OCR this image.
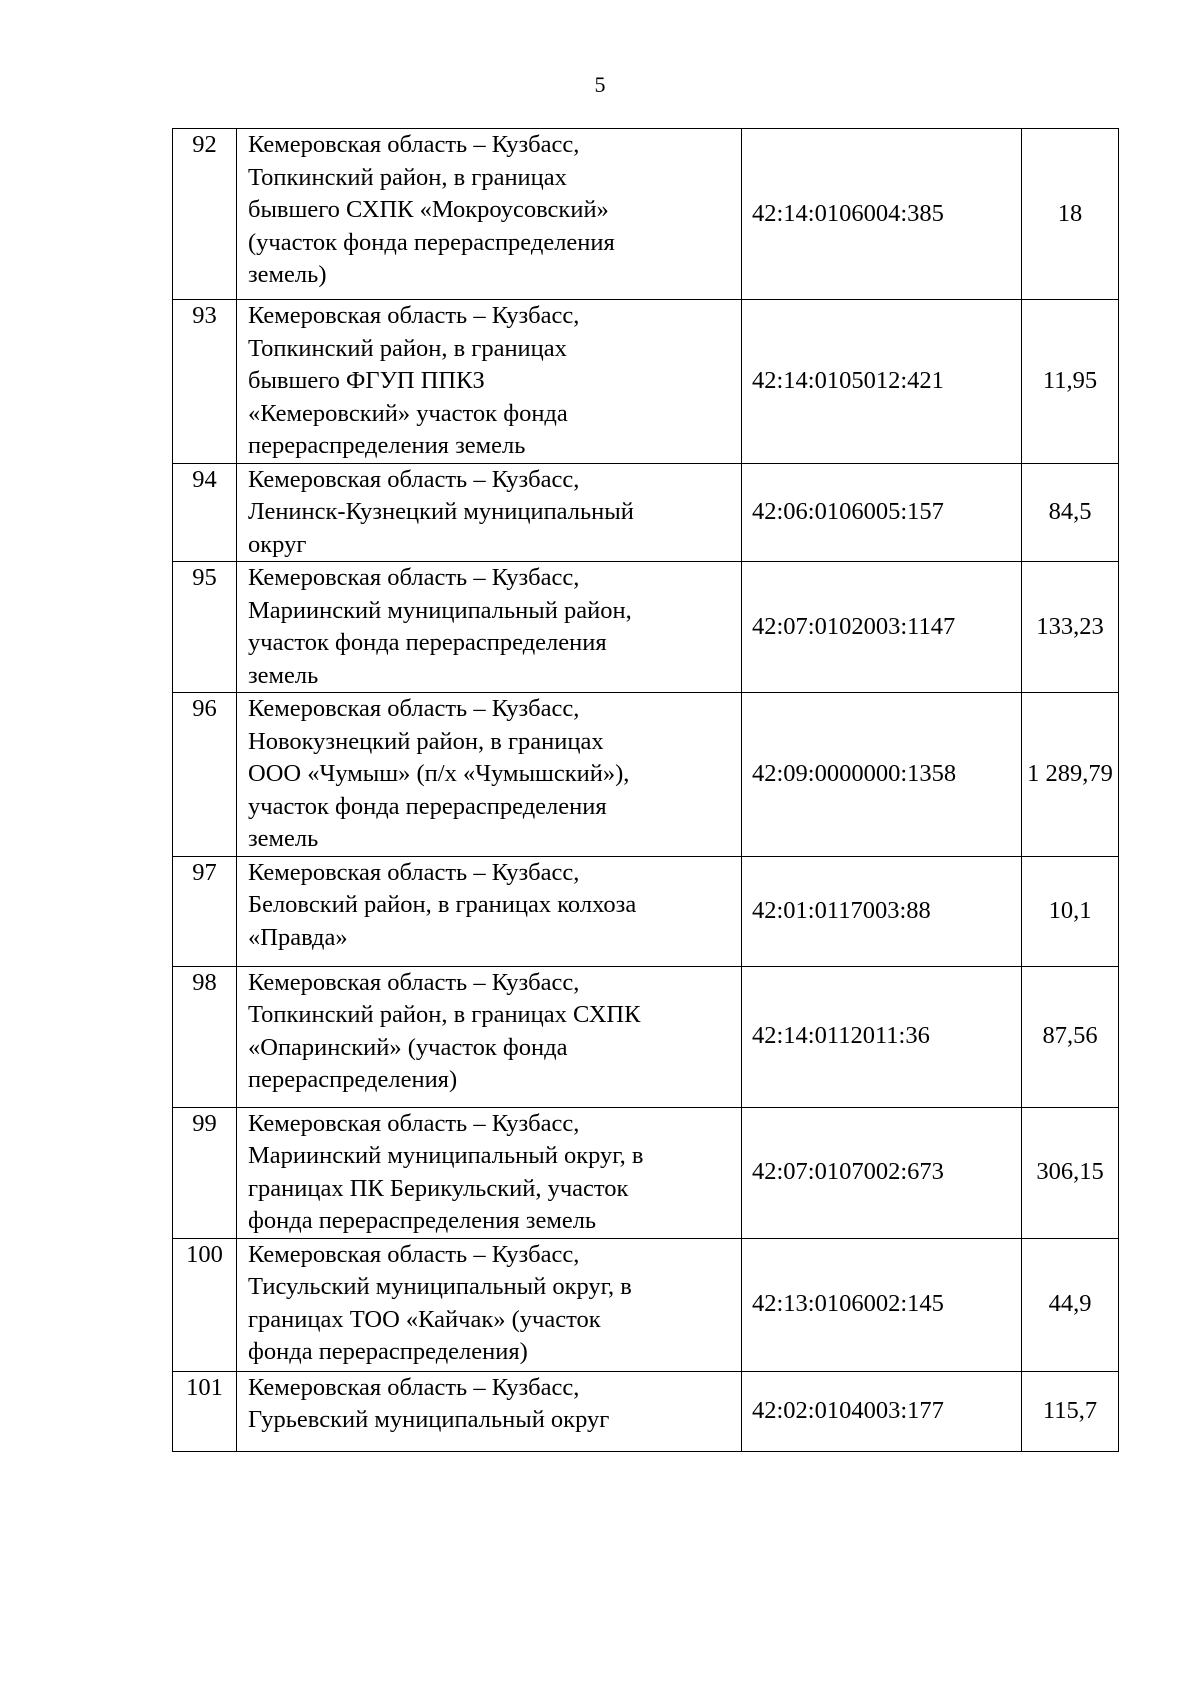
5
92	Кемеровская область – Кузбасс,
Топкинский район, в границах
бывшего СХПК «Мокроусовский»
(участок фонда перераспределения
земель)	42:14:0106004:385	18
93	Кемеровская область – Кузбасс,
Топкинский район, в границах
бывшего ФГУП ППКЗ
«Кемеровский» участок фонда
перераспределения земель	42:14:0105012:421	11,95
94	Кемеровская область – Кузбасс,
Ленинск-Кузнецкий муниципальный
округ	42:06:0106005:157	84,5
95	Кемеровская область – Кузбасс,
Мариинский муниципальный район,
участок фонда перераспределения
земель	42:07:0102003:1147	133,23
96	Кемеровская область – Кузбасс,
Новокузнецкий район, в границах
ООО «Чумыш» (п/х «Чумышский»),
участок фонда перераспределения
земель	42:09:0000000:1358	1 289,79
97	Кемеровская область – Кузбасс,
Беловский район, в границах колхоза
«Правда»	42:01:0117003:88	10,1
98	Кемеровская область – Кузбасс,
Топкинский район, в границах СХПК
«Опаринский» (участок фонда
перераспределения)	42:14:0112011:36	87,56
99	Кемеровская область – Кузбасс,
Мариинский муниципальный округ, в
границах ПК Берикульский, участок
фонда перераспределения земель	42:07:0107002:673	306,15
100	Кемеровская область – Кузбасс,
Тисульский муниципальный округ, в
границах ТОО «Кайчак» (участок
фонда перераспределения)	42:13:0106002:145	44,9
101	Кемеровская область – Кузбасс,
Гурьевский муниципальный округ	42:02:0104003:177	115,7
